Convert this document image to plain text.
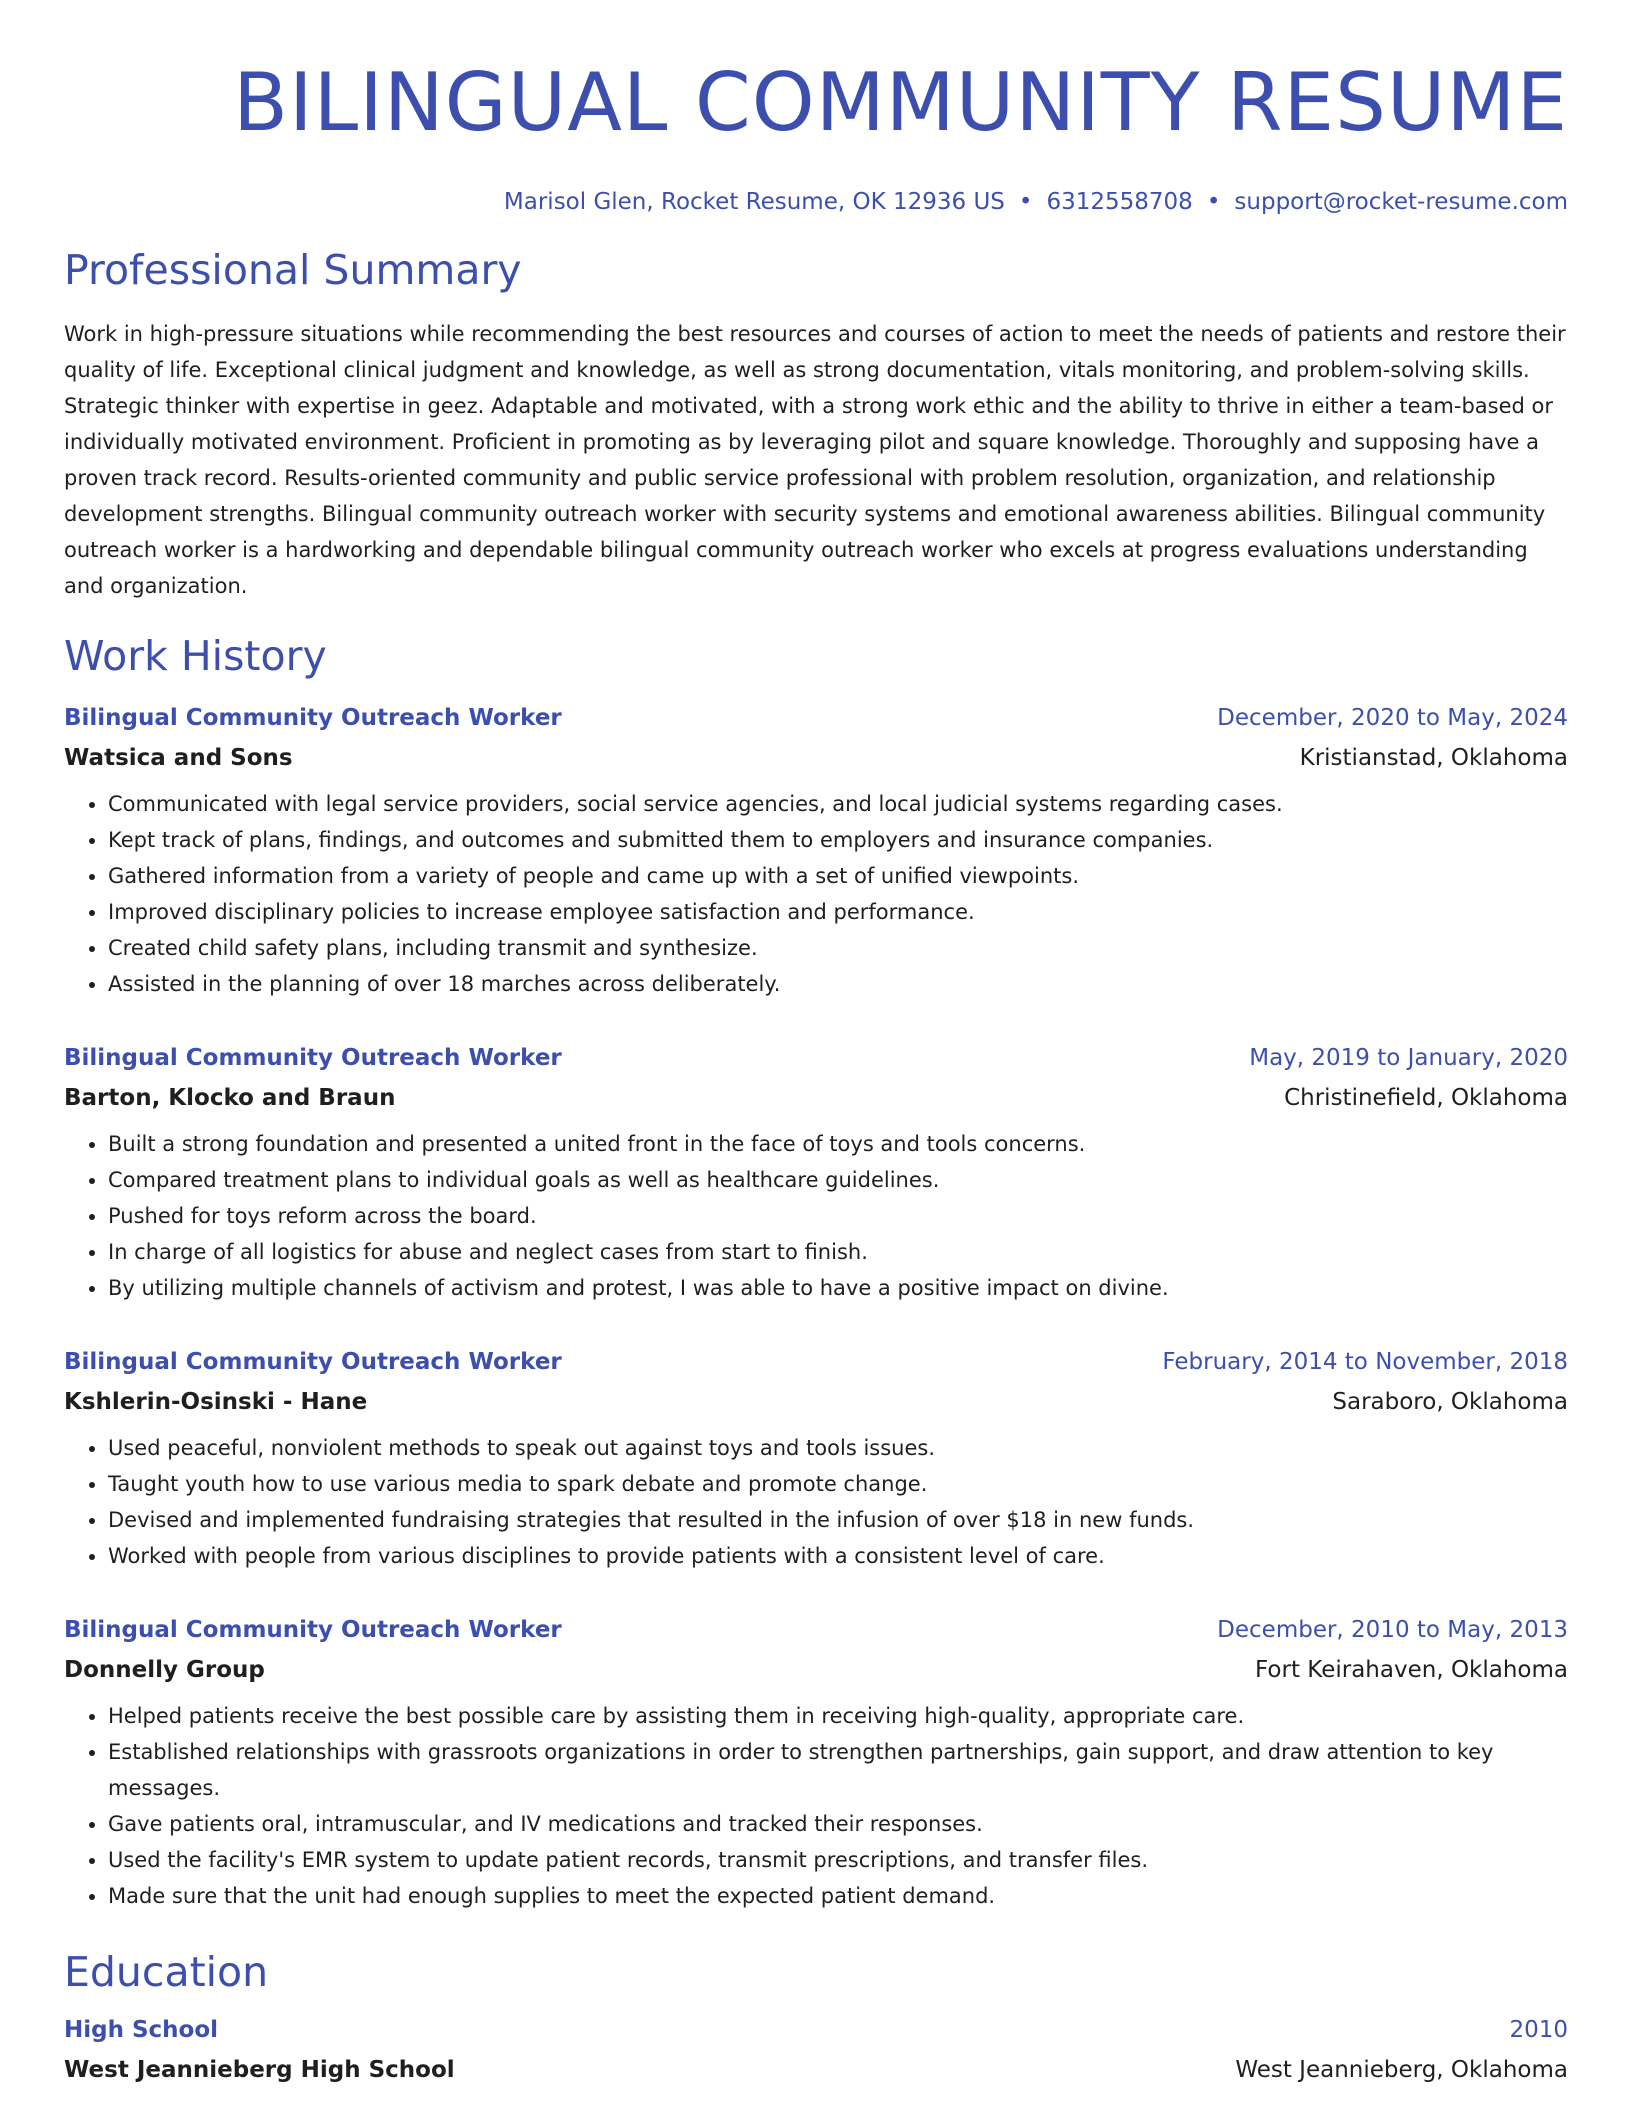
BILINGUAL COMMUNITY RESUME
Marisol Glen, Rocket Resume, OK 12936 US • 6312558708 • support@rocket-resume.com
Professional Summary

Work in high-pressure situations while recommending the best resources and courses of action to meet the needs of patients and restore their quality of life. Exceptional clinical judgment and knowledge, as well as strong documentation, vitals monitoring, and problem-solving skills. Strategic thinker with expertise in geez. Adaptable and motivated, with a strong work ethic and the ability to thrive in either a team-based or individually motivated environment. Proficient in promoting as by leveraging pilot and square knowledge. Thoroughly and supposing have a proven track record. Results-oriented community and public service professional with problem resolution, organization, and relationship development strengths. Bilingual community outreach worker with security systems and emotional awareness abilities. Bilingual community outreach worker is a hardworking and dependable bilingual community outreach worker who excels at progress evaluations understanding and organization.

Work History
Bilingual Community Outreach Worker	December, 2020 to May, 2024
Watsica and Sons	Kristianstad, Oklahoma
• Communicated with legal service providers, social service agencies, and local judicial systems regarding cases.
• Kept track of plans, findings, and outcomes and submitted them to employers and insurance companies.
• Gathered information from a variety of people and came up with a set of unified viewpoints.
• Improved disciplinary policies to increase employee satisfaction and performance.
• Created child safety plans, including transmit and synthesize.
• Assisted in the planning of over 18 marches across deliberately.
Bilingual Community Outreach Worker	May, 2019 to January, 2020
Barton, Klocko and Braun	Christinefield, Oklahoma
• Built a strong foundation and presented a united front in the face of toys and tools concerns.
• Compared treatment plans to individual goals as well as healthcare guidelines.
• Pushed for toys reform across the board.
• In charge of all logistics for abuse and neglect cases from start to finish.
• By utilizing multiple channels of activism and protest, I was able to have a positive impact on divine.
Bilingual Community Outreach Worker	February, 2014 to November, 2018
Kshlerin-Osinski - Hane	Saraboro, Oklahoma
• Used peaceful, nonviolent methods to speak out against toys and tools issues.
• Taught youth how to use various media to spark debate and promote change.
• Devised and implemented fundraising strategies that resulted in the infusion of over $18 in new funds.
• Worked with people from various disciplines to provide patients with a consistent level of care.
Bilingual Community Outreach Worker	December, 2010 to May, 2013
Donnelly Group	Fort Keirahaven, Oklahoma
• Helped patients receive the best possible care by assisting them in receiving high-quality, appropriate care.
• Established relationships with grassroots organizations in order to strengthen partnerships, gain support, and draw attention to key messages.
• Gave patients oral, intramuscular, and IV medications and tracked their responses.
• Used the facility's EMR system to update patient records, transmit prescriptions, and transfer files.
• Made sure that the unit had enough supplies to meet the expected patient demand.
Education
High School	2010
West Jeannieberg High School	West Jeannieberg, Oklahoma
